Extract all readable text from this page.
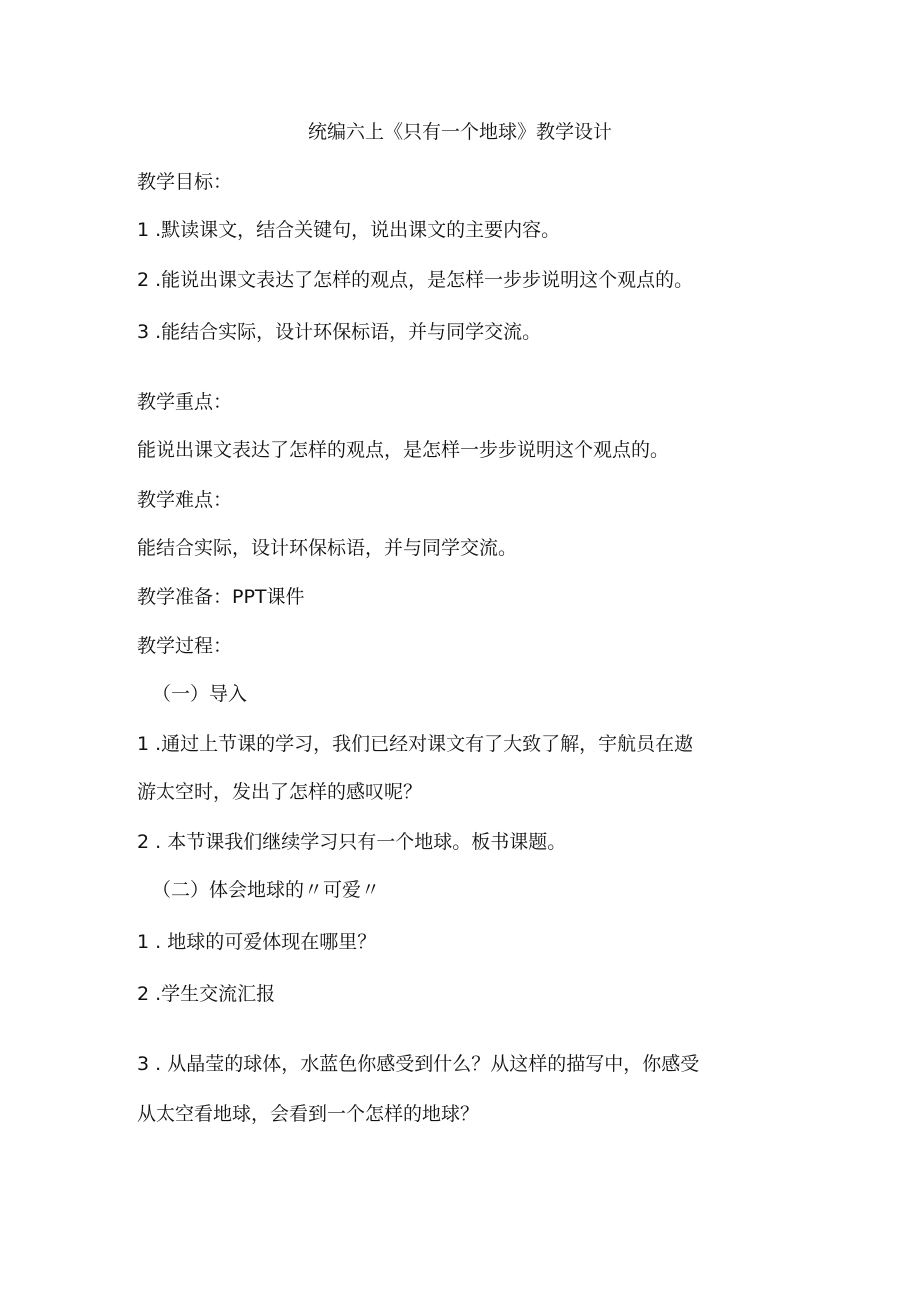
统编六上《只有一个地球》教学设计
教学目标：
1 .默读课文，结合关键句，说出课文的主要内容。
2 .能说出课文表达了怎样的观点，是怎样一步步说明这个观点的。
3 .能结合实际，设计环保标语，并与同学交流。
教学重点：
能说出课文表达了怎样的观点，是怎样一步步说明这个观点的。
教学难点：
能结合实际，设计环保标语，并与同学交流。
教学准备：PPT课件
教学过程：
（一）导入
1 .通过上节课的学习，我们已经对课文有了大致了解，宇航员在遨
游太空时，发出了怎样的感叹呢？
2 . 本节课我们继续学习只有一个地球。板书课题。
（二）体会地球的〃可爱〃
1 . 地球的可爱体现在哪里？
2 .学生交流汇报
3 . 从晶莹的球体，水蓝色你感受到什么？从这样的描写中，你感受
从太空看地球，会看到一个怎样的地球？
